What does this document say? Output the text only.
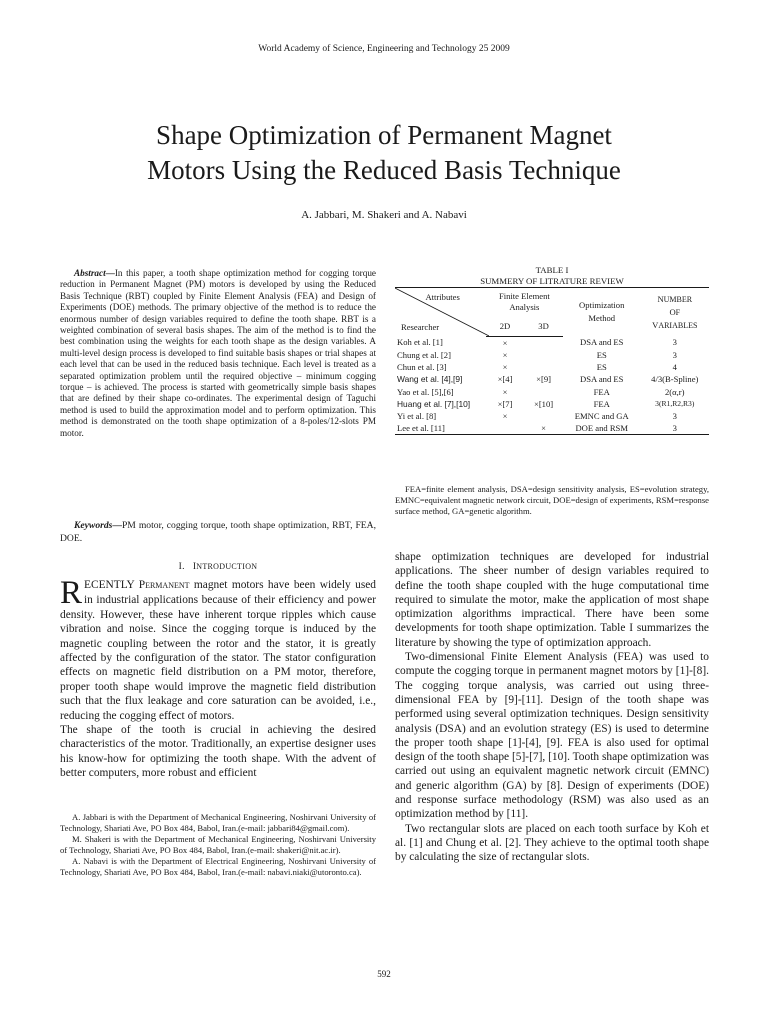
World Academy of Science, Engineering and Technology 25 2009
Shape Optimization of Permanent Magnet
Motors Using the Reduced Basis Technique
A. Jabbari, M. Shakeri and A. Nabavi
Abstract—In this paper, a tooth shape optimization method for cogging torque reduction in Permanent Magnet (PM) motors is developed by using the Reduced Basis Technique (RBT) coupled by Finite Element Analysis (FEA) and Design of Experiments (DOE) methods. The primary objective of the method is to reduce the enormous number of design variables required to define the tooth shape. RBT is a weighted combination of several basis shapes. The aim of the method is to find the best combination using the weights for each tooth shape as the design variables. A multi-level design process is developed to find suitable basis shapes or trial shapes at each level that can be used in the reduced basis technique. Each level is treated as a separated optimization problem until the required objective – minimum cogging torque – is achieved. The process is started with geometrically simple basis shapes that are defined by their shape co-ordinates. The experimental design of Taguchi method is used to build the approximation model and to perform optimization. This method is demonstrated on the tooth shape optimization of a 8-poles/12-slots PM motor.
Keywords—PM motor, cogging torque, tooth shape optimization, RBT, FEA, DOE.
I. INTRODUCTION

RECENTLY PERMANENT magnet motors have been widely used in industrial applications because of their efficiency and power density. However, these have inherent torque ripples which cause vibration and noise. Since the cogging torque is induced by the magnetic coupling between the rotor and the stator, it is greatly affected by the configuration of the stator. The stator configuration effects on magnetic field distribution on a PM motor, therefore, proper tooth shape would improve the magnetic field distribution such that the flux leakage and core saturation can be avoided, i.e., reducing the cogging effect of motors.

The shape of the tooth is crucial in achieving the desired characteristics of the motor. Traditionally, an expertise designer uses his know-how for optimizing the tooth shape. With the advent of better computers, more robust and efficient

A. Jabbari is with the Department of Mechanical Engineering, Noshirvani University of Technology, Shariati Ave, PO Box 484, Babol, Iran.(e-mail: jabbari84@gmail.com).

M. Shakeri is with the Department of Mechanical Engineering, Noshirvani University of Technology, Shariati Ave, PO Box 484, Babol, Iran.(e-mail: shakeri@nit.ac.ir).

A. Nabavi is with the Department of Electrical Engineering, Noshirvani University of Technology, Shariati Ave, PO Box 484, Babol, Iran.(e-mail: nabavi.niaki@utoronto.ca).

TABLE I
SUMMERY OF LITRATURE REVIEW
Attributes
Researcher	Finite Element Analysis		Optimization Method	NUMBER
OF
VARIABLES
	2D	3D		
Koh et al. [1]	×		DSA and ES	3
Chung et al. [2]	×		ES	3
Chun et al. [3]	×		ES	4
Wang et al. [4],[9]	×[4]	×[9]	DSA and ES	4/3(B-Spline)
Yao et al. [5],[6]	×		FEA	2(α,r)
Huang et al. [7],[10]	×[7]	×[10]	FEA	3(R1,R2,R3)
Yi et al. [8]	×		EMNC and GA	3
Lee et al. [11]		×	DOE and RSM	3
FEA=finite element analysis, DSA=design sensitivity analysis, ES=evolution strategy, EMNC=equivalent magnetic network circuit, DOE=design of experiments, RSM=response surface method, GA=genetic algorithm.

shape optimization techniques are developed for industrial applications. The sheer number of design variables required to define the tooth shape coupled with the huge computational time required to simulate the motor, make the application of most shape optimization algorithms impractical. There have been some developments for tooth shape optimization. Table I summarizes the literature by showing the type of optimization approach.

Two-dimensional Finite Element Analysis (FEA) was used to compute the cogging torque in permanent magnet motors by [1]-[8]. The cogging torque analysis, was carried out using three-dimensional FEA by [9]-[11]. Design of the tooth shape was performed using several optimization techniques. Design sensitivity analysis (DSA) and an evolution strategy (ES) is used to determine the proper tooth shape [1]-[4], [9]. FEA is also used for optimal design of the tooth shape [5]-[7], [10]. Tooth shape optimization was carried out using an equivalent magnetic network circuit (EMNC) and generic algorithm (GA) by [8]. Design of experiments (DOE) and response surface methodology (RSM) was also used as an optimization method by [11].

Two rectangular slots are placed on each tooth surface by Koh et al. [1] and Chung et al. [2]. They achieve to the optimal tooth shape by calculating the size of rectangular slots.

592
